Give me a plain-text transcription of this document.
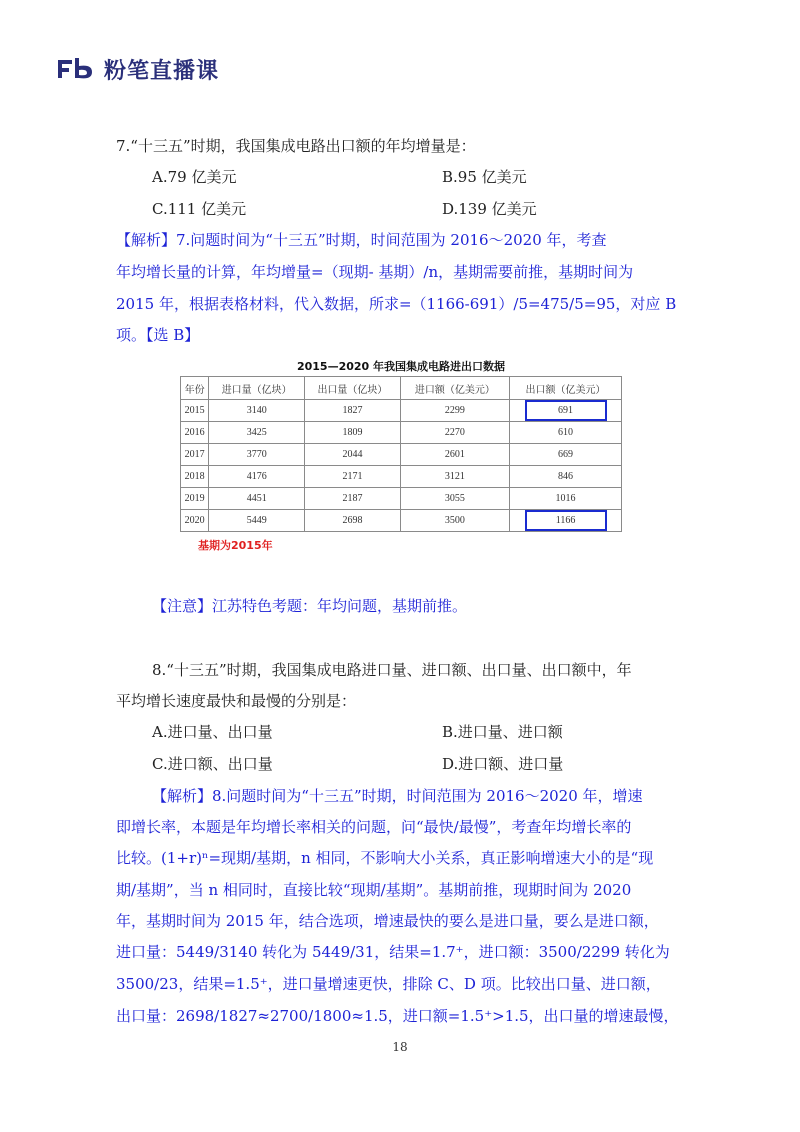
粉笔直播课
7.“十三五”时期，我国集成电路出口额的年均增量是：
A.79 亿美元	B.95 亿美元
C.111 亿美元	D.139 亿美元
【解析】7.问题时间为“十三五”时期，时间范围为 2016～2020 年，考查
年均增长量的计算，年均增量=（现期- 基期）/n，基期需要前推，基期时间为
2015 年，根据表格材料，代入数据，所求=（1166-691）/5=475/5=95，对应 B
项。【选 B】
2015—2020 年我国集成电路进出口数据
年份	进口量（亿块）	出口量（亿块）	进口额（亿美元）	出口额（亿美元）
2015	3140	1827	2299	691
2016	3425	1809	2270	610
2017	3770	2044	2601	669
2018	4176	2171	3121	846
2019	4451	2187	3055	1016
2020	5449	2698	3500	1166
基期为2015年
【注意】江苏特色考题：年均问题，基期前推。
8.“十三五”时期，我国集成电路进口量、进口额、出口量、出口额中，年
平均增长速度最快和最慢的分别是：
A.进口量、出口量	B.进口量、进口额
C.进口额、出口量	D.进口额、进口量
【解析】8.问题时间为“十三五”时期，时间范围为 2016～2020 年，增速
即增长率，本题是年均增长率相关的问题，问“最快/最慢”，考查年均增长率的
比较。(1+r)ⁿ=现期/基期，n 相同，不影响大小关系，真正影响增速大小的是“现
期/基期”，当 n 相同时，直接比较“现期/基期”。基期前推，现期时间为 2020
年，基期时间为 2015 年，结合选项，增速最快的要么是进口量，要么是进口额，
进口量：5449/3140 转化为 5449/31，结果=1.7⁺，进口额：3500/2299 转化为
3500/23，结果=1.5⁺，进口量增速更快，排除 C、D 项。比较出口量、进口额，
出口量：2698/1827≈2700/1800≈1.5，进口额=1.5⁺>1.5，出口量的增速最慢，
18
